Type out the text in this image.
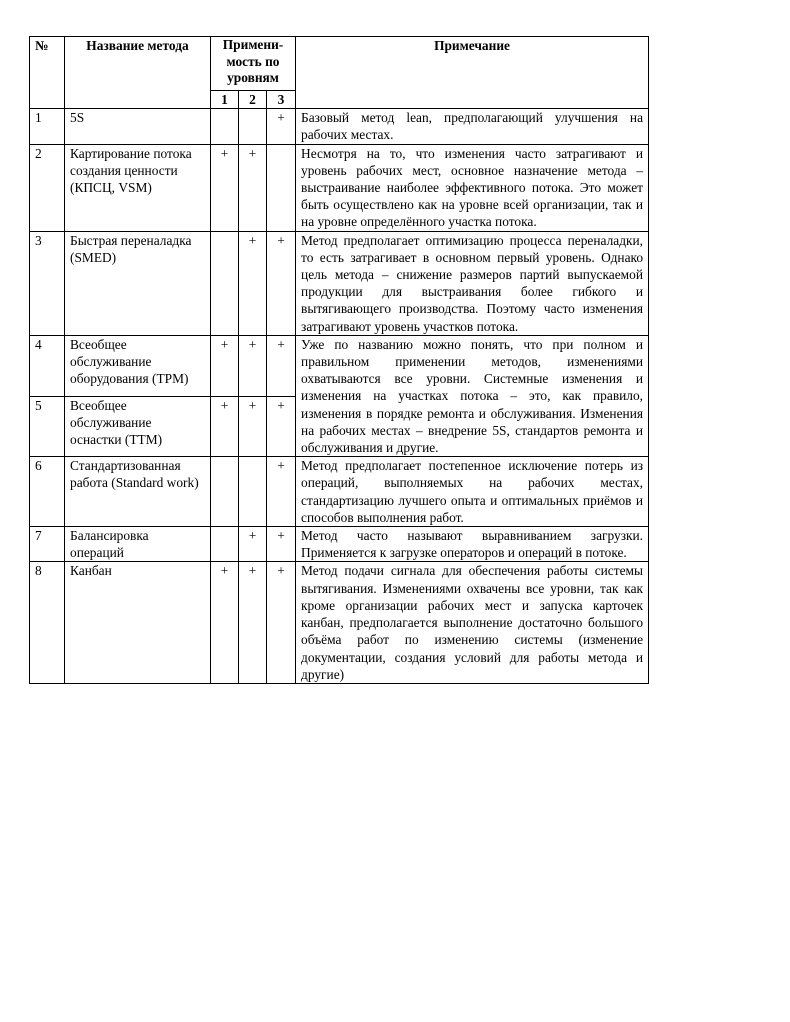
№	Название метода	Примени-мость по уровням			Примечание
		1	2	3	
1	5S			+	Базовый метод lean, предполагающий улучшения на рабочих местах.
2	Картирование потока создания ценности (КПСЦ, VSM)	+	+		Несмотря на то, что изменения часто затрагивают и уровень рабочих мест, основное назначение метода – выстраивание наиболее эффективного потока. Это может быть осуществлено как на уровне всей организации, так и на уровне определённого участка потока.
3	Быстрая переналадка (SMED)		+	+	Метод предполагает оптимизацию процесса переналадки, то есть затрагивает в основном первый уровень. Однако цель метода – снижение размеров партий выпускаемой продукции для выстраивания более гибкого и вытягивающего производства. Поэтому часто изменения затрагивают уровень участков потока.
4	Всеобщее обслуживание оборудования (TPM)	+	+	+	Уже по названию можно понять, что при полном и правильном применении методов, изменениями охватываются все уровни. Системные изменения и изменения на участках потока – это, как правило, изменения в порядке ремонта и обслуживания. Изменения на рабочих местах – внедрение 5S, стандартов ремонта и обслуживания и другие.
5	Всеобщее обслуживание оснастки (TTM)	+	+	+	
6	Стандартизованная работа (Standard work)			+	Метод предполагает постепенное исключение потерь из операций, выполняемых на рабочих местах, стандартизацию лучшего опыта и оптимальных приёмов и способов выполнения работ.
7	Балансировка операций		+	+	Метод часто называют выравниванием загрузки. Применяется к загрузке операторов и операций в потоке.
8	Канбан	+	+	+	Метод подачи сигнала для обеспечения работы системы вытягивания. Изменениями охвачены все уровни, так как кроме организации рабочих мест и запуска карточек канбан, предполагается выполнение достаточно большого объёма работ по изменению системы (изменение документации, создания условий для работы метода и другие)
